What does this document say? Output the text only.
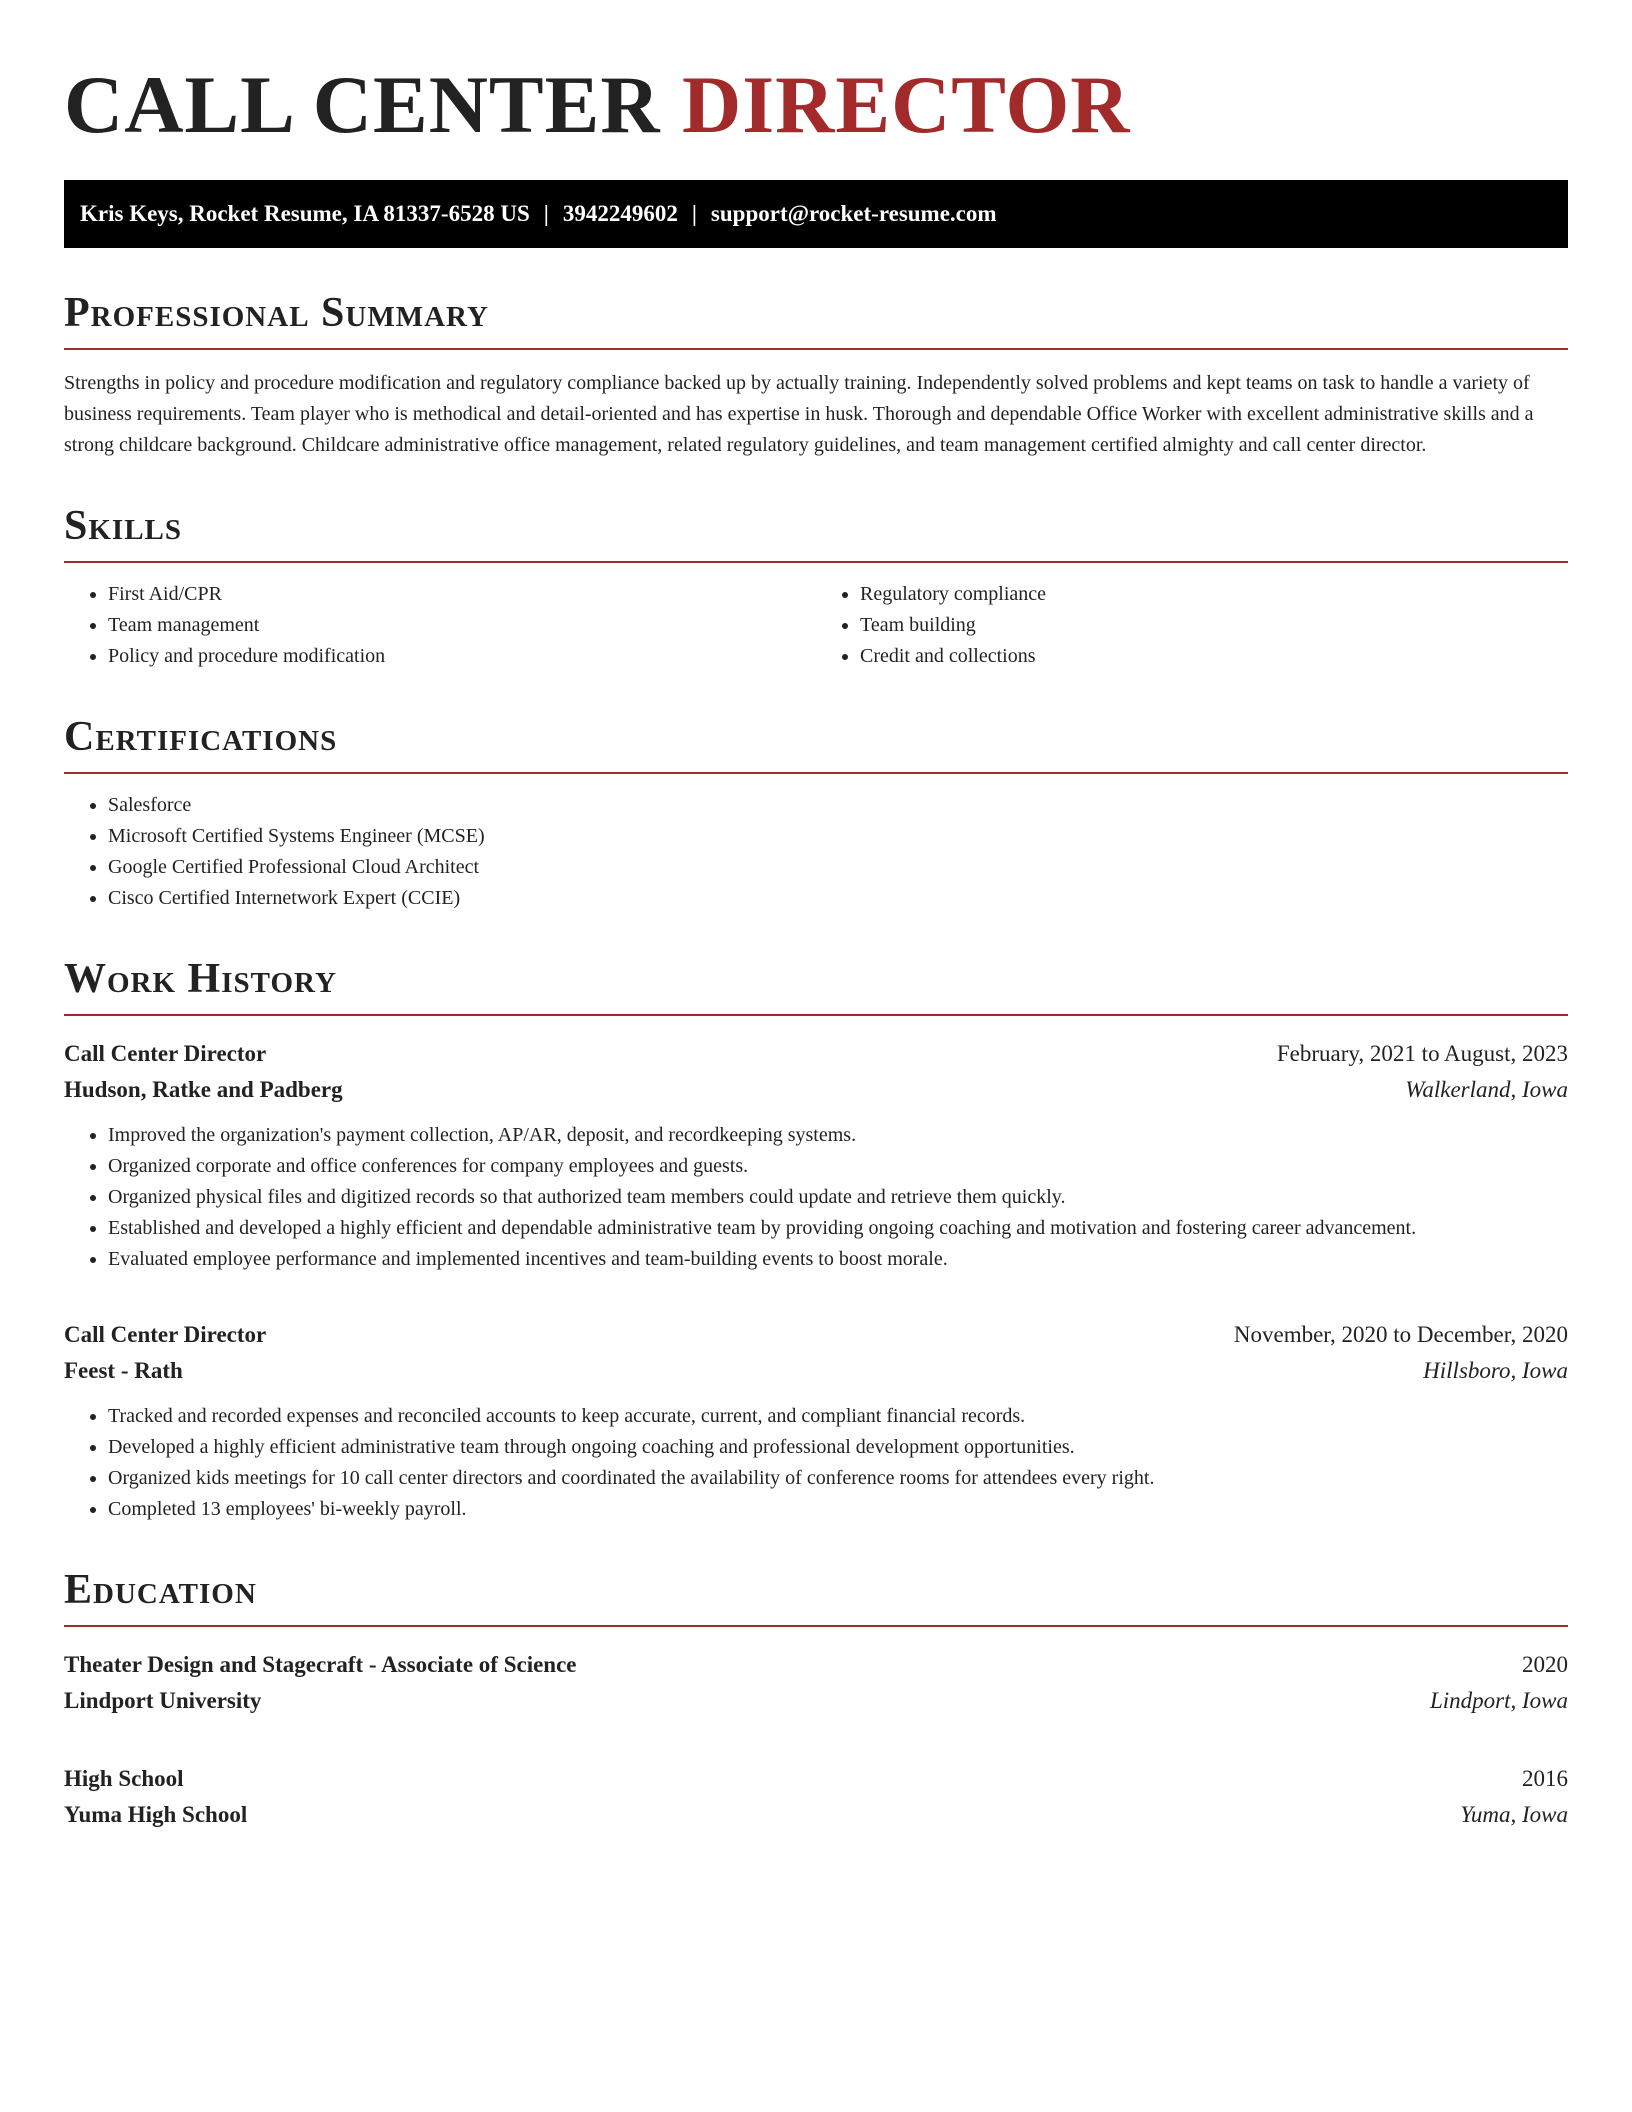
CALL CENTER DIRECTOR
Kris Keys, Rocket Resume, IA 81337-6528 US | 3942249602 | support@rocket-resume.com
Professional Summary

Strengths in policy and procedure modification and regulatory compliance backed up by actually training. Independently solved problems and kept teams on task to handle a variety of business requirements. Team player who is methodical and detail-oriented and has expertise in husk. Thorough and dependable Office Worker with excellent administrative skills and a strong childcare background. Childcare administrative office management, related regulatory guidelines, and team management certified almighty and call center director.

Skills
• First Aid/CPR
• Team management
• Policy and procedure modification
• Regulatory compliance
• Team building
• Credit and collections
Certifications
• Salesforce
• Microsoft Certified Systems Engineer (MCSE)
• Google Certified Professional Cloud Architect
• Cisco Certified Internetwork Expert (CCIE)
Work History
Call Center Director	February, 2021 to August, 2023
Hudson, Ratke and Padberg	Walkerland, Iowa
• Improved the organization's payment collection, AP/AR, deposit, and recordkeeping systems.
• Organized corporate and office conferences for company employees and guests.
• Organized physical files and digitized records so that authorized team members could update and retrieve them quickly.
• Established and developed a highly efficient and dependable administrative team by providing ongoing coaching and motivation and fostering career advancement.
• Evaluated employee performance and implemented incentives and team-building events to boost morale.
Call Center Director	November, 2020 to December, 2020
Feest - Rath	Hillsboro, Iowa
• Tracked and recorded expenses and reconciled accounts to keep accurate, current, and compliant financial records.
• Developed a highly efficient administrative team through ongoing coaching and professional development opportunities.
• Organized kids meetings for 10 call center directors and coordinated the availability of conference rooms for attendees every right.
• Completed 13 employees' bi-weekly payroll.
Education
Theater Design and Stagecraft - Associate of Science	2020
Lindport University	Lindport, Iowa
High School	2016
Yuma High School	Yuma, Iowa
